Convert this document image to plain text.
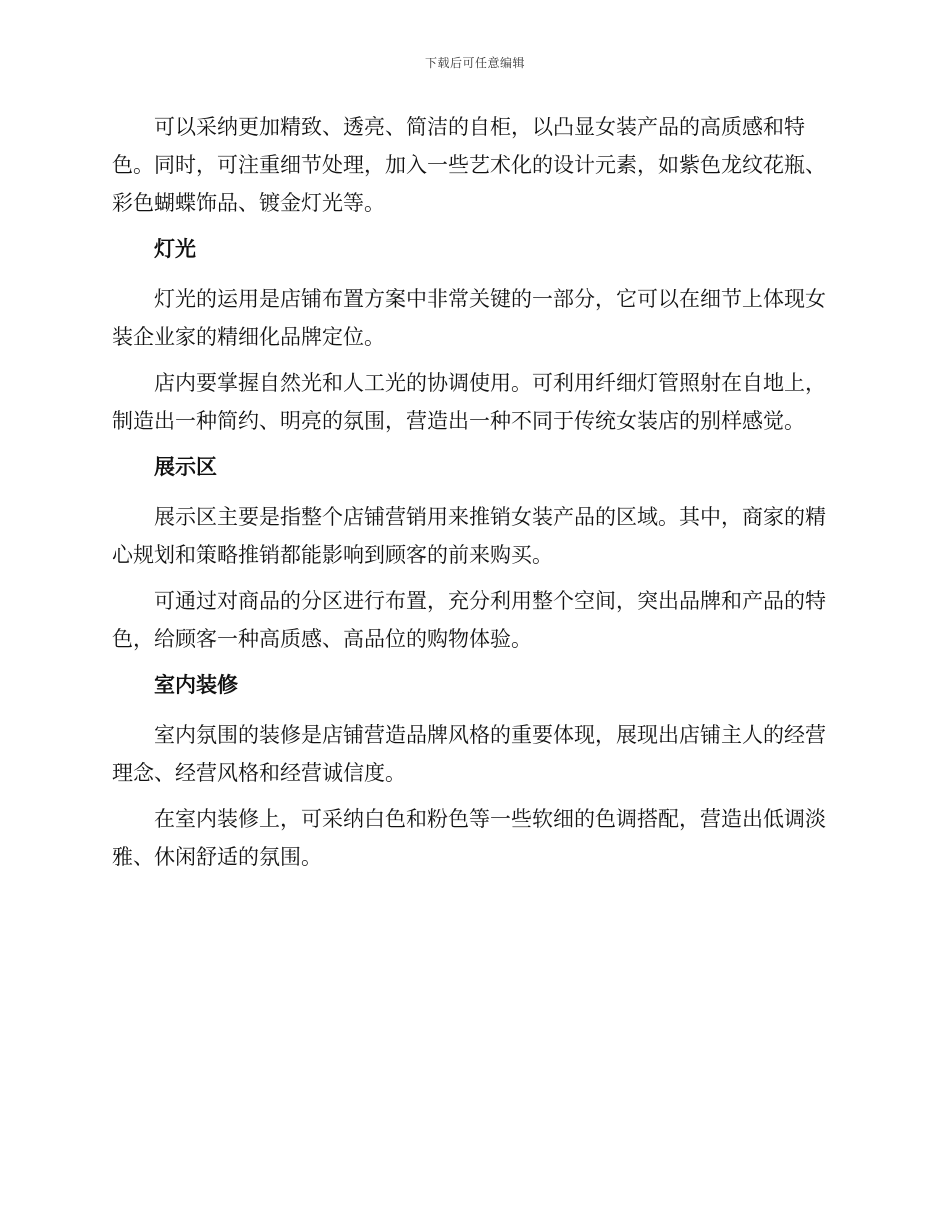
下载后可任意编辑

可以采纳更加精致、透亮、简洁的自柜，以凸显女装产品的高质感和特色。同时，可注重细节处理，加入一些艺术化的设计元素，如紫色龙纹花瓶、彩色蝴蝶饰品、镀金灯光等。

灯光

灯光的运用是店铺布置方案中非常关键的一部分，它可以在细节上体现女装企业家的精细化品牌定位。

店内要掌握自然光和人工光的协调使用。可利用纤细灯管照射在自地上，制造出一种简约、明亮的氛围，营造出一种不同于传统女装店的别样感觉。

展示区

展示区主要是指整个店铺营销用来推销女装产品的区域。其中，商家的精心规划和策略推销都能影响到顾客的前来购买。

可通过对商品的分区进行布置，充分利用整个空间，突出品牌和产品的特色，给顾客一种高质感、高品位的购物体验。

室内装修

室内氛围的装修是店铺营造品牌风格的重要体现，展现出店铺主人的经营理念、经营风格和经营诚信度。

在室内装修上，可采纳白色和粉色等一些软细的色调搭配，营造出低调淡雅、休闲舒适的氛围。
